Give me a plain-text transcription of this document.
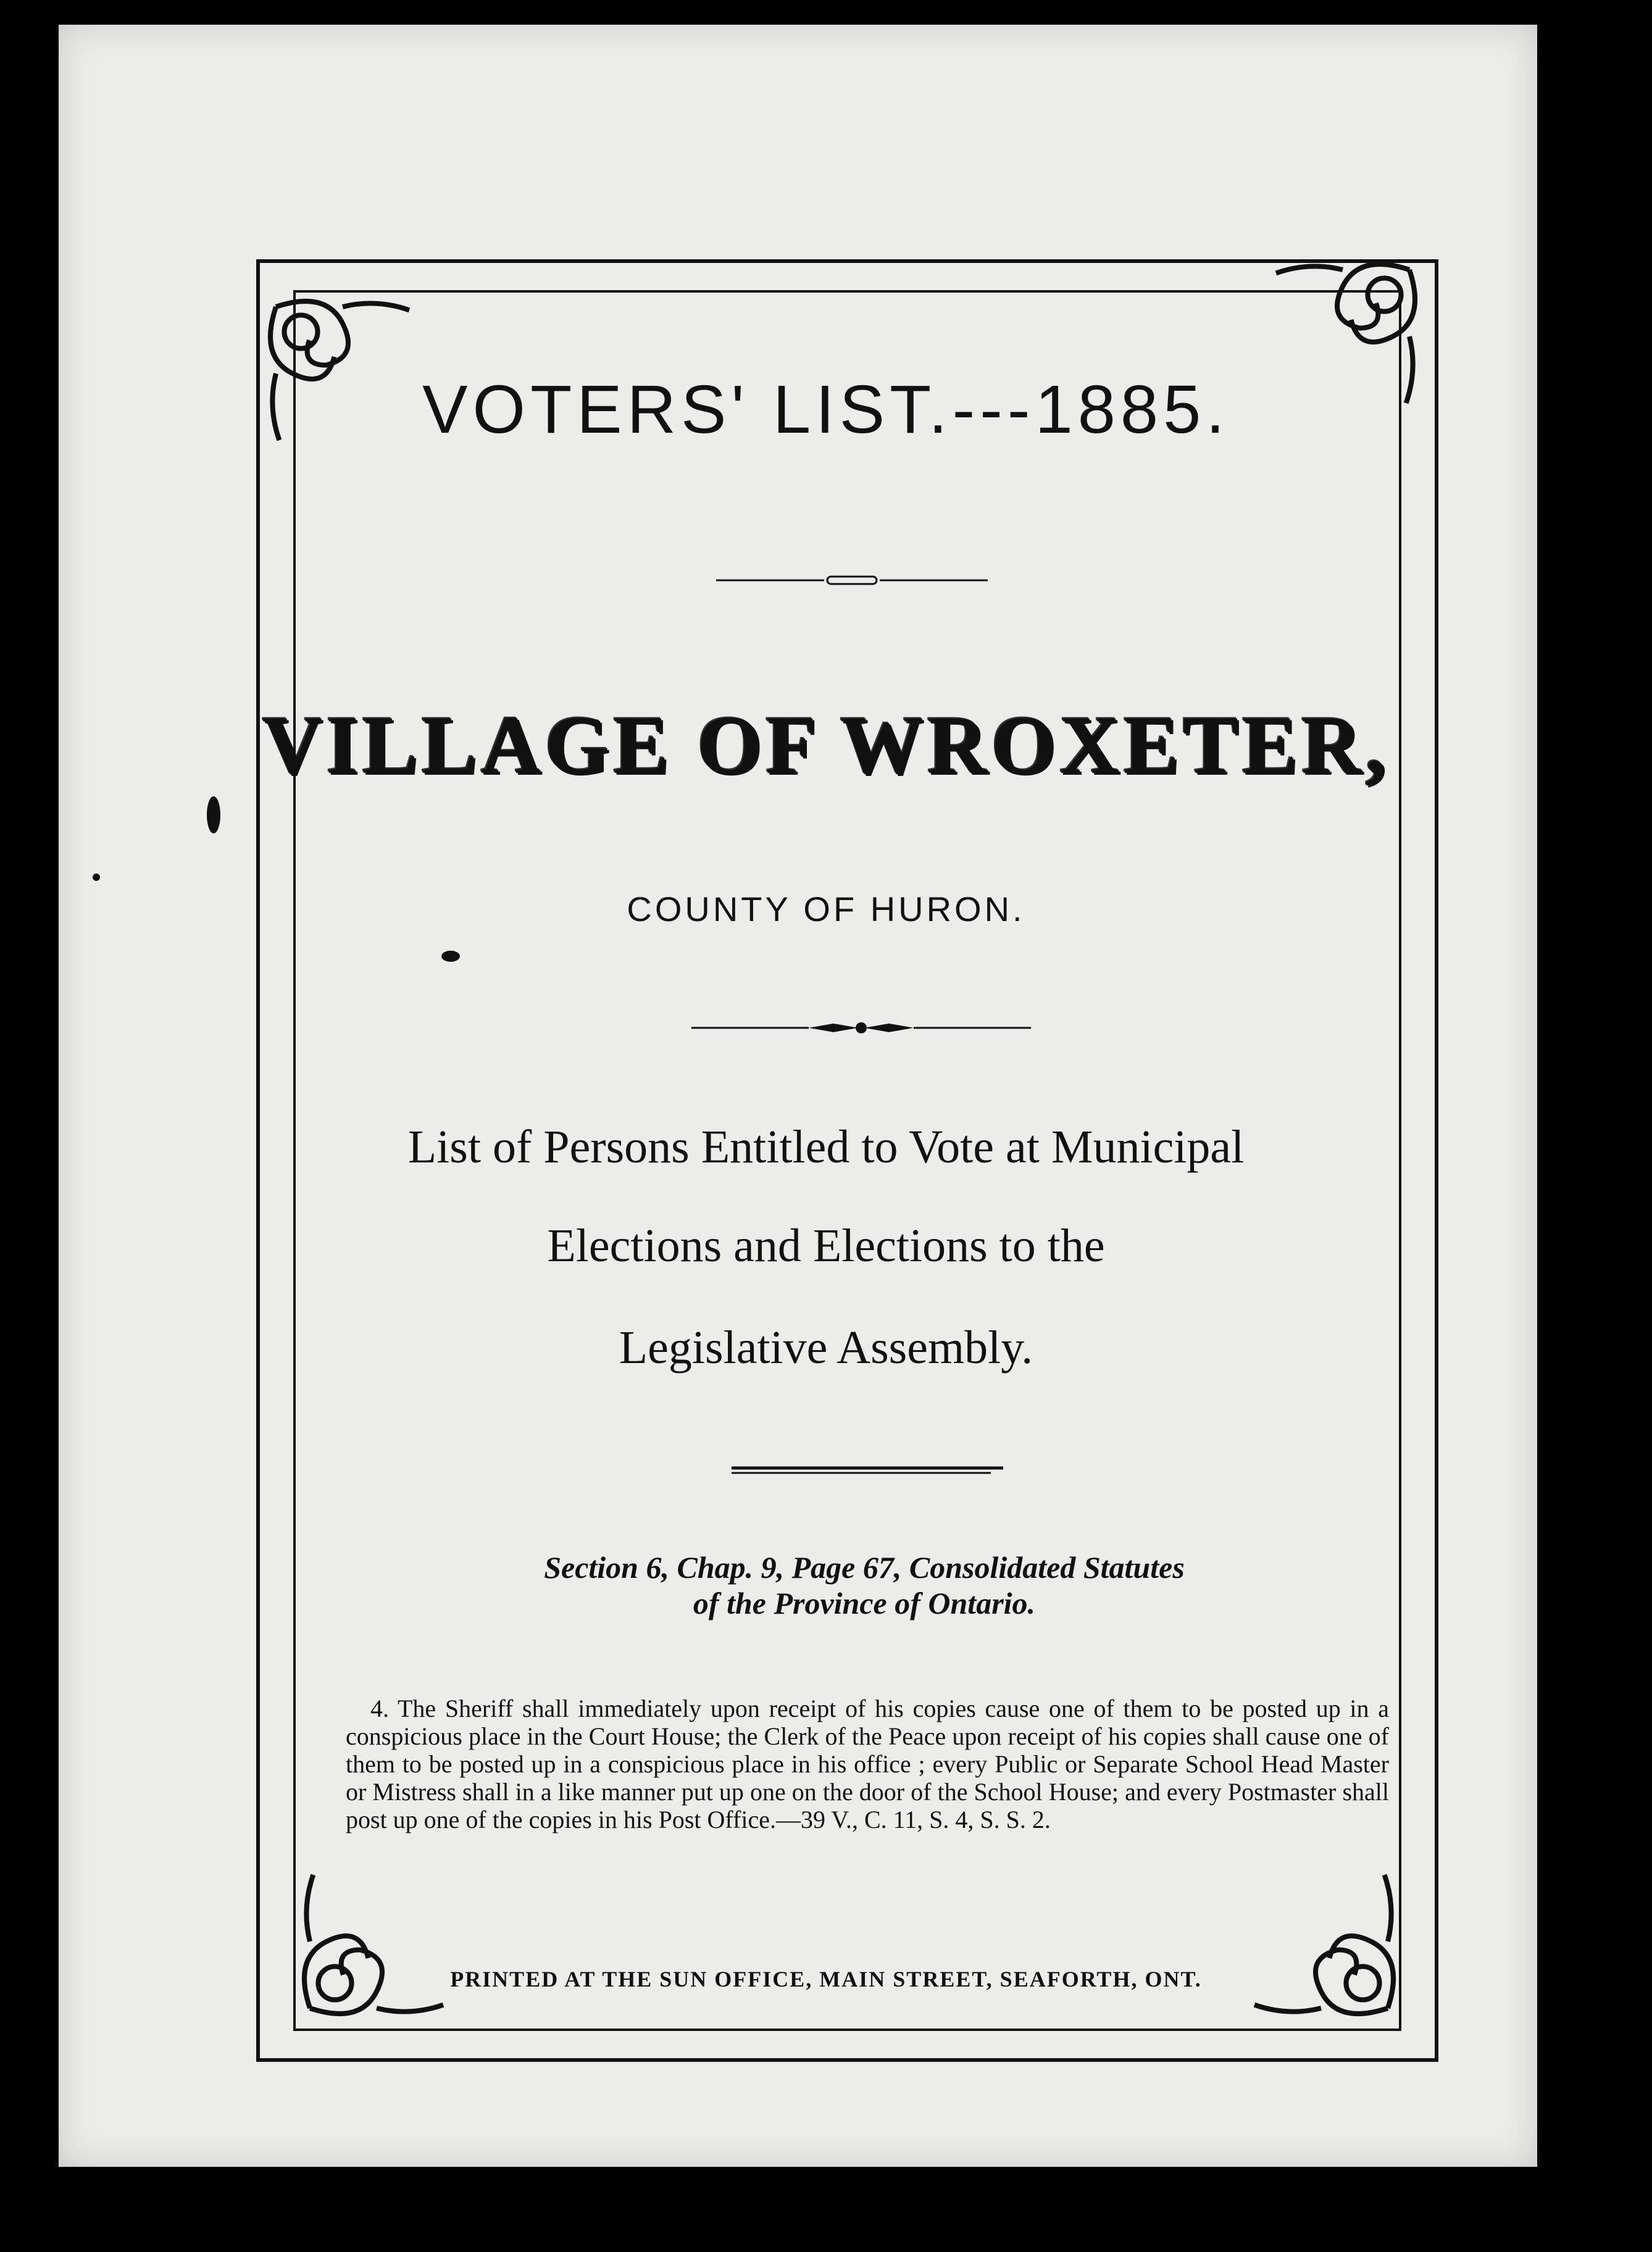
VOTERS' LIST.---1885.
VILLAGE OF WROXETER,
COUNTY OF HURON.
List of Persons Entitled to Vote at Municipal
Elections and Elections to the
Legislative Assembly.
Section 6, Chap. 9, Page 67, Consolidated Statutes
of the Province of Ontario.

4. The Sheriff shall immediately upon receipt of his copies cause one of them to be posted up in a conspicious place in the Court House; the Clerk of the Peace upon receipt of his copies shall cause one of them to be posted up in a conspicious place in his office ; every Public or Separate School Head Master or Mistress shall in a like manner put up one on the door of the School House; and every Postmaster shall post up one of the copies in his Post Office.—39 V., C. 11, S. 4, S. S. 2.

PRINTED AT THE SUN OFFICE, MAIN STREET, SEAFORTH, ONT.
